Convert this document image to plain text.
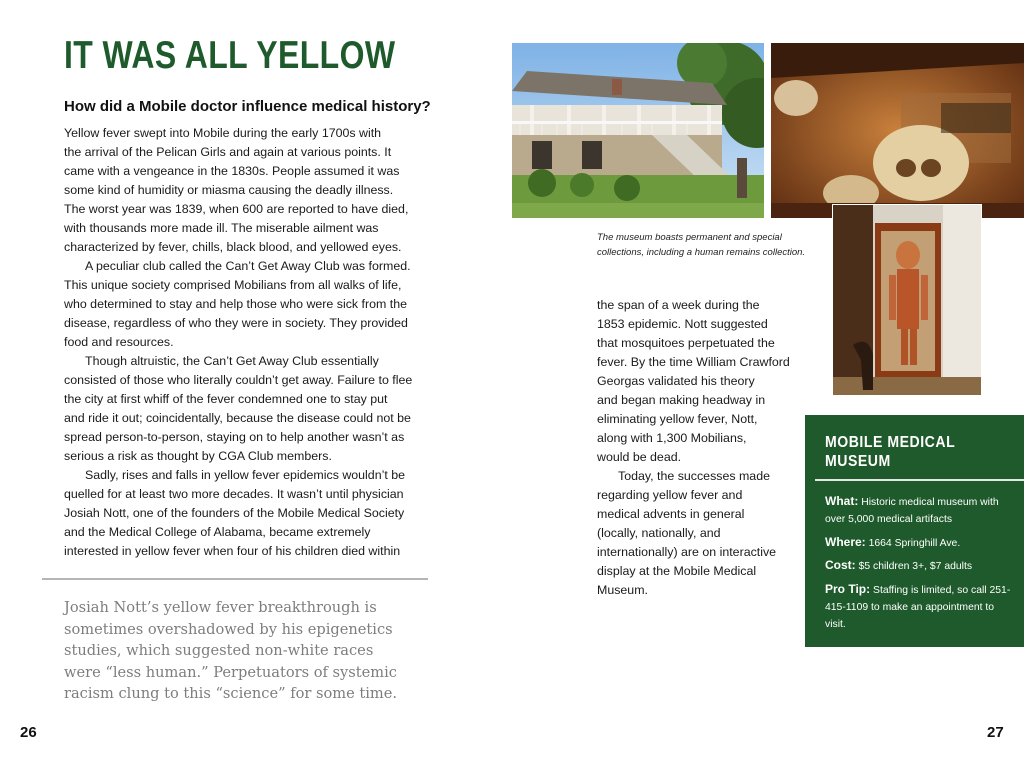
IT WAS ALL YELLOW
How did a Mobile doctor influence medical history?
Yellow fever swept into Mobile during the early 1700s with
the arrival of the Pelican Girls and again at various points. It
came with a vengeance in the 1830s. People assumed it was
some kind of humidity or miasma causing the deadly illness.
The worst year was 1839, when 600 are reported to have died,
with thousands more made ill. The miserable ailment was
characterized by fever, chills, black blood, and yellowed eyes.
A peculiar club called the Can’t Get Away Club was formed.
This unique society comprised Mobilians from all walks of life,
who determined to stay and help those who were sick from the
disease, regardless of who they were in society. They provided
food and resources.
Though altruistic, the Can’t Get Away Club essentially
consisted of those who literally couldn’t get away. Failure to flee
the city at first whiff of the fever condemned one to stay put
and ride it out; coincidentally, because the disease could not be
spread person-to-person, staying on to help another wasn’t as
serious a risk as thought by CGA Club members.
Sadly, rises and falls in yellow fever epidemics wouldn’t be
quelled for at least two more decades. It wasn’t until physician
Josiah Nott, one of the founders of the Mobile Medical Society
and the Medical College of Alabama, became extremely
interested in yellow fever when four of his children died within
Josiah Nott’s yellow fever breakthrough is
sometimes overshadowed by his epigenetics
studies, which suggested non-white races
were “less human.” Perpetuators of systemic
racism clung to this “science” for some time.
26
The museum boasts permanent and special
collections, including a human remains collection.
the span of a week during the
1853 epidemic. Nott suggested
that mosquitoes perpetuated the
fever. By the time William Crawford
Georgas validated his theory
and began making headway in
eliminating yellow fever, Nott,
along with 1,300 Mobilians,
would be dead.
Today, the successes made
regarding yellow fever and
medical advents in general
(locally, nationally, and
internationally) are on interactive
display at the Mobile Medical
Museum.
MOBILE MEDICAL
MUSEUM
What: Historic medical museum with over 5,000 medical artifacts
Where: 1664 Springhill Ave.
Cost: $5 children 3+, $7 adults
Pro Tip: Staffing is limited, so call 251-415-1109 to make an appointment to visit.
27
